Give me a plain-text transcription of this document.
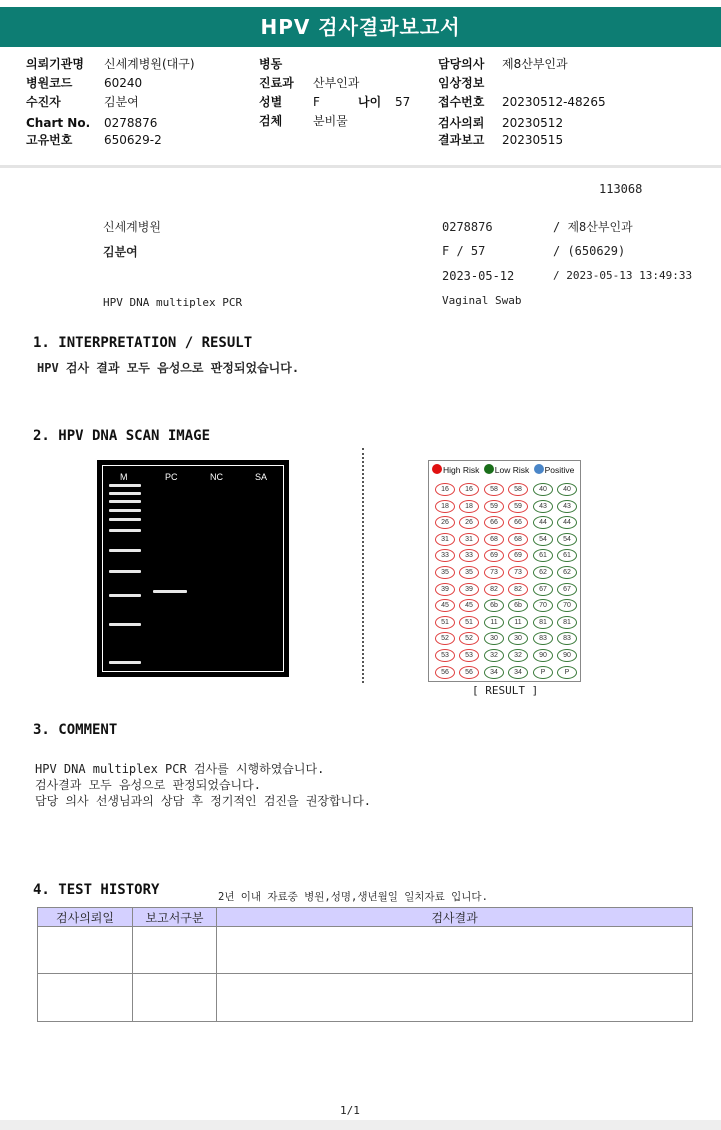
HPV 검사결과보고서
의뢰기관명 신세계병원(대구)
병원코드	60240
수진자	김분여
Chart No. 0278876
고유번호	650629-2
병동
진료과 산부인과
성별	F	나이 57
검체	분비물
담당의사 제8산부인과
임상정보
접수번호 20230512-48265
검사의뢰 20230512
결과보고 20230515
113068
신세계병원
김분여
0278876	/ 제8산부인과
F / 57	/ (650629)
2023-05-12	/ 2023-05-13 13:49:33
HPV DNA multiplex PCR	Vaginal Swab
1. INTERPRETATION / RESULT
HPV 검사 결과 모두 음성으로 판정되었습니다.
2. HPV DNA SCAN IMAGE
M	PC	NC	SA
High Risk Low Risk Positive
16	16	58	58	40	40
18	18	59	59	43	43
26	26	66	66	44	44
31	31	68	68	54	54
33	33	69	69	61	61
35	35	73	73	62	62
39	39	82	82	67	67
45	45	6b	6b	70	70
51	51	11	11	81	81
52	52	30	30	83	83
53	53	32	32	90	90
56	56	34	34	P	P
[ RESULT ]
3. COMMENT
HPV DNA multiplex PCR 검사를 시행하였습니다.
검사결과 모두 음성으로 판정되었습니다.
담당 의사 선생님과의 상담 후 정기적인 검진을 권장합니다.
4. TEST HISTORY	2년 이내 자료중 병원,성명,생년월일 일치자료 입니다.
검사의뢰일	보고서구분	검사결과

1/1
